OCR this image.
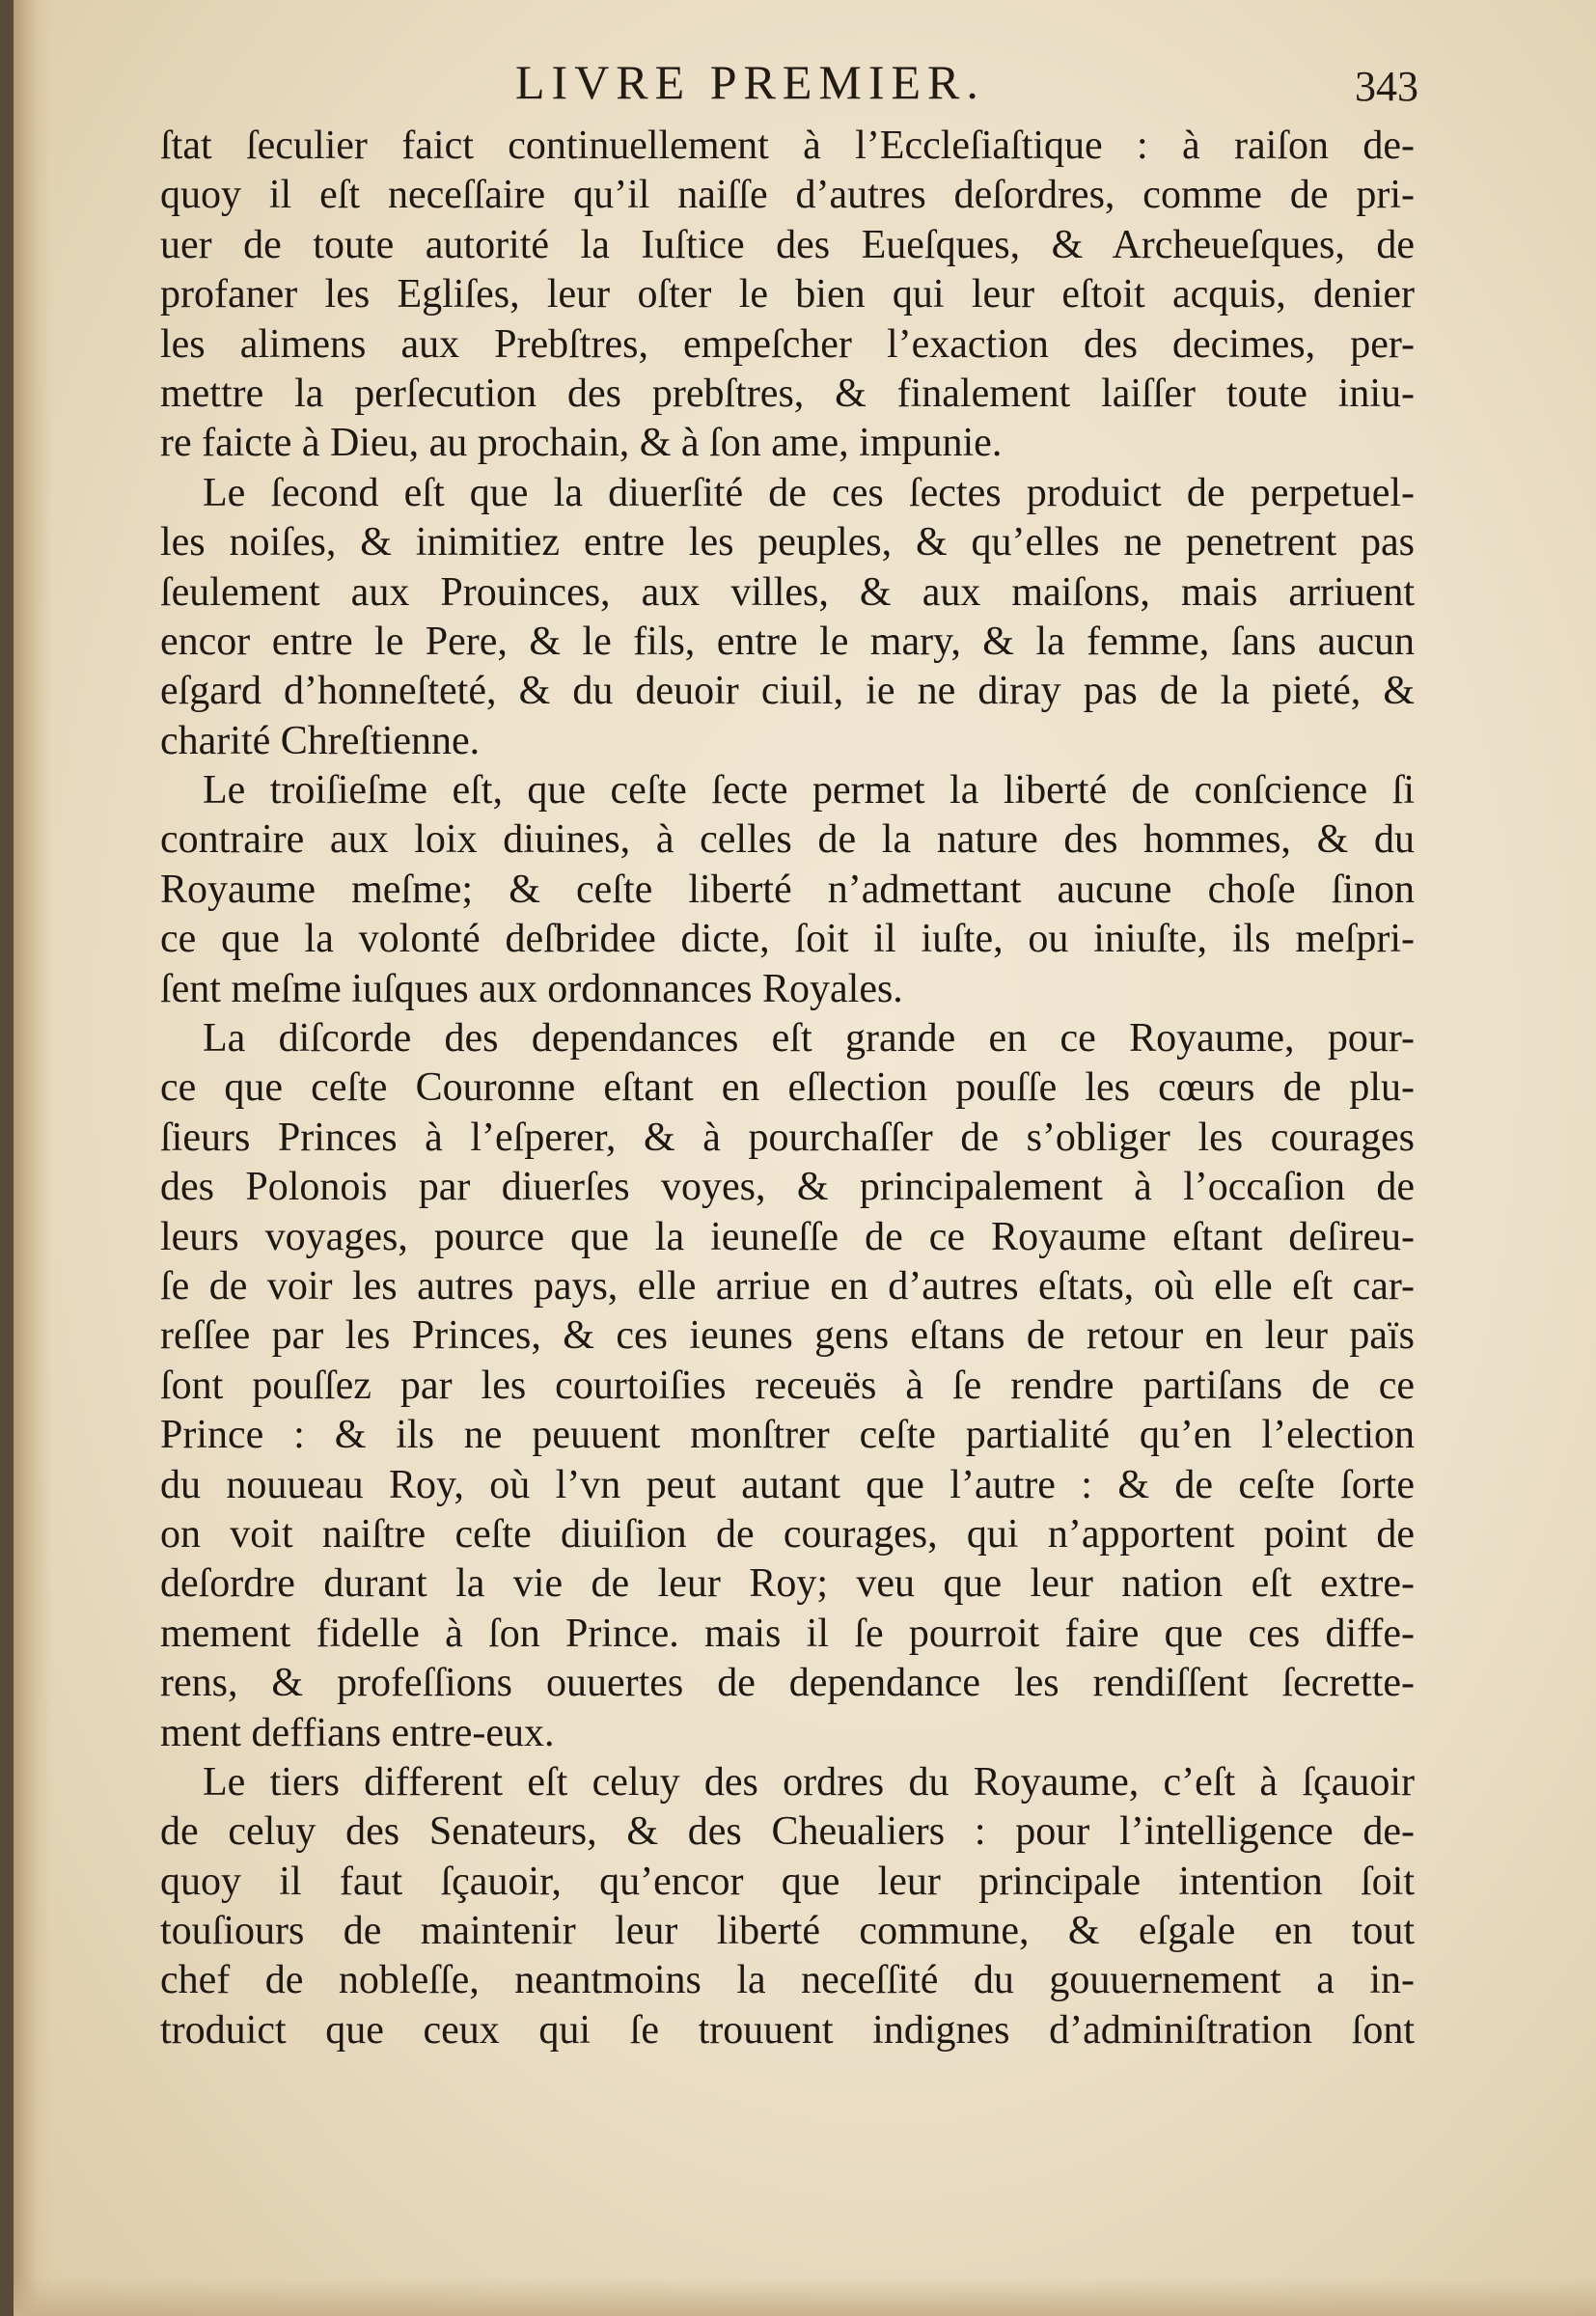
LIVRE PREMIER.	343
ſtat ſeculier faict continuellement à l’Eccleſiaſtique : à raiſon de-
quoy il eſt neceſſaire qu’il naiſſe d’autres deſordres, comme de pri-
uer de toute autorité la Iuſtice des Eueſques, & Archeueſques, de
profaner les Egliſes, leur oſter le bien qui leur eſtoit acquis, denier
les alimens aux Prebſtres, empeſcher l’exaction des decimes, per-
mettre la perſecution des prebſtres, & finalement laiſſer toute iniu-
re faicte à Dieu, au prochain, & à ſon ame, impunie.
Le ſecond eſt que la diuerſité de ces ſectes produict de perpetuel-
les noiſes, & inimitiez entre les peuples, & qu’elles ne penetrent pas
ſeulement aux Prouinces, aux villes, & aux maiſons, mais arriuent
encor entre le Pere, & le fils, entre le mary, & la femme, ſans aucun
eſgard d’honneſteté, & du deuoir ciuil, ie ne diray pas de la pieté, &
charité Chreſtienne.
Le troiſieſme eſt, que ceſte ſecte permet la liberté de conſcience ſi
contraire aux loix diuines, à celles de la nature des hommes, & du
Royaume meſme; & ceſte liberté n’admettant aucune choſe ſinon
ce que la volonté deſbridee dicte, ſoit il iuſte, ou iniuſte, ils meſpri-
ſent meſme iuſques aux ordonnances Royales.
La diſcorde des dependances eſt grande en ce Royaume, pour-
ce que ceſte Couronne eſtant en eſlection pouſſe les cœurs de plu-
ſieurs Princes à l’eſperer, & à pourchaſſer de s’obliger les courages
des Polonois par diuerſes voyes, & principalement à l’occaſion de
leurs voyages, pource que la ieuneſſe de ce Royaume eſtant deſireu-
ſe de voir les autres pays, elle arriue en d’autres eſtats, où elle eſt car-
reſſee par les Princes, & ces ieunes gens eſtans de retour en leur païs
ſont pouſſez par les courtoiſies receuës à ſe rendre partiſans de ce
Prince : & ils ne peuuent monſtrer ceſte partialité qu’en l’election
du nouueau Roy, où l’vn peut autant que l’autre : & de ceſte ſorte
on voit naiſtre ceſte diuiſion de courages, qui n’apportent point de
deſordre durant la vie de leur Roy; veu que leur nation eſt extre-
mement fidelle à ſon Prince. mais il ſe pourroit faire que ces diffe-
rens, & profeſſions ouuertes de dependance les rendiſſent ſecrette-
ment deffians entre-eux.
Le tiers different eſt celuy des ordres du Royaume, c’eſt à ſçauoir
de celuy des Senateurs, & des Cheualiers : pour l’intelligence de-
quoy il faut ſçauoir, qu’encor que leur principale intention ſoit
touſiours de maintenir leur liberté commune, & eſgale en tout
chef de nobleſſe, neantmoins la neceſſité du gouuernement a in-
troduict que ceux qui ſe trouuent indignes d’adminiſtration ſont
